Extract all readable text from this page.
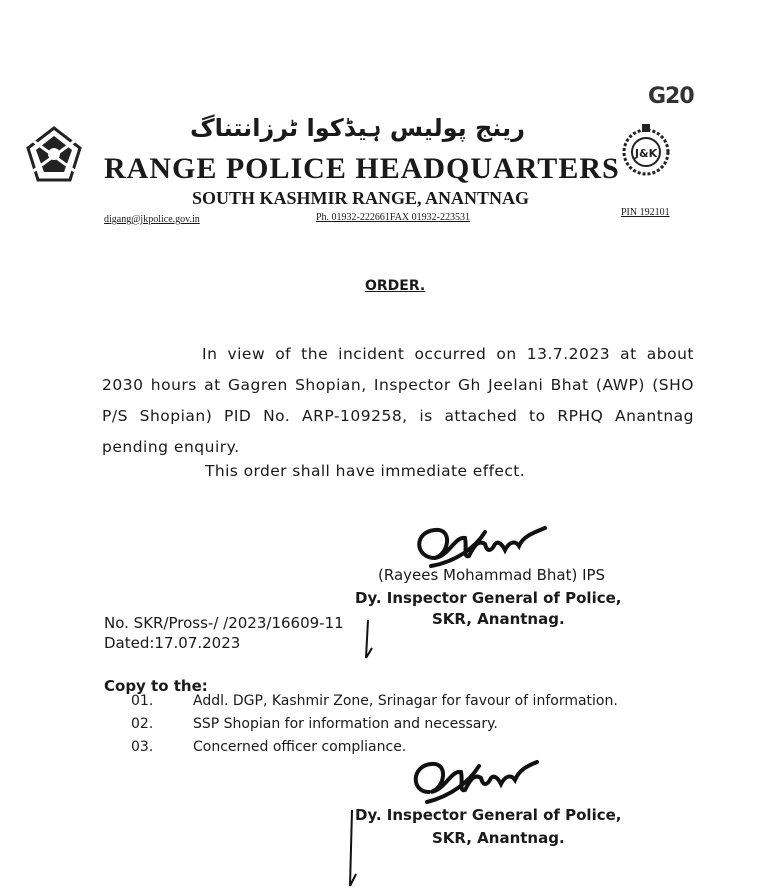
G20
J&K
رینج پولیس ہیڈکوا ٹرزانتناگ
RANGE POLICE HEADQUARTERS
SOUTH KASHMIR RANGE, ANANTNAG
digang@jkpolice.gov.in	Ph. 01932-222661FAX 01932-223531	PIN 192101
ORDER.
In view of the incident occurred on 13.7.2023 at about 2030 hours at Gagren Shopian, Inspector Gh Jeelani Bhat (AWP) (SHO P/S Shopian) PID No. ARP-109258, is attached to RPHQ Anantnag pending enquiry.
This order shall have immediate effect.
(Rayees Mohammad Bhat) IPS
Dy. Inspector General of Police,
SKR, Anantnag.
No. SKR/Pross-/ /2023/16609-11
Dated:17.07.2023
Copy to the:
01.	Addl. DGP, Kashmir Zone, Srinagar for favour of information.
02.	SSP Shopian for information and necessary.
03.	Concerned officer compliance.
Dy. Inspector General of Police,
SKR, Anantnag.
